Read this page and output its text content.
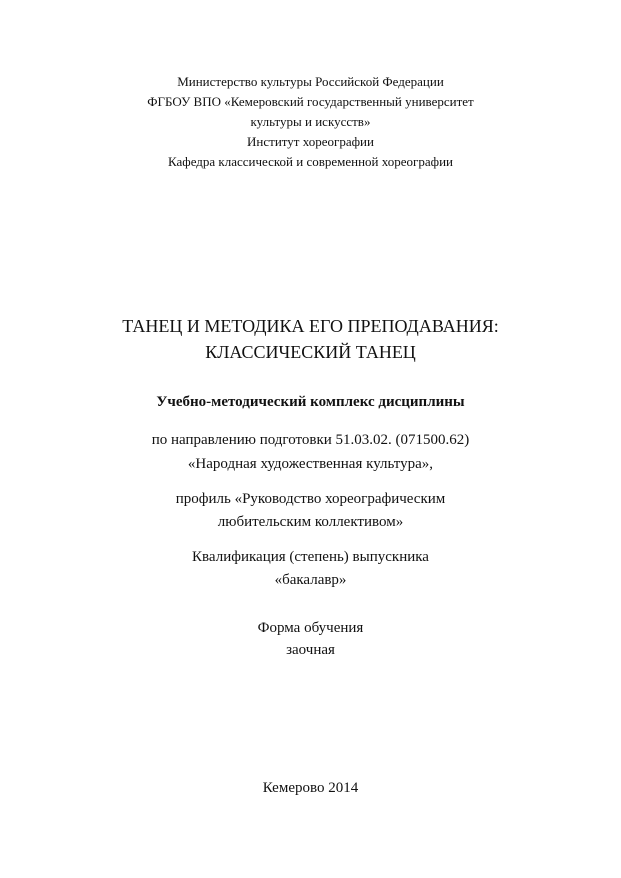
Министерство культуры Российской Федерации
ФГБОУ ВПО «Кемеровский государственный университет
культуры и искусств»
Институт хореографии
Кафедра классической и современной хореографии
ТАНЕЦ И МЕТОДИКА ЕГО ПРЕПОДАВАНИЯ:
КЛАССИЧЕСКИЙ ТАНЕЦ
Учебно-методический комплекс дисциплины
по направлению подготовки 51.03.02. (071500.62)
«Народная художественная культура»,
профиль «Руководство хореографическим
любительским коллективом»
Квалификация (степень) выпускника
«бакалавр»
Форма обучения
заочная
Кемерово 2014
